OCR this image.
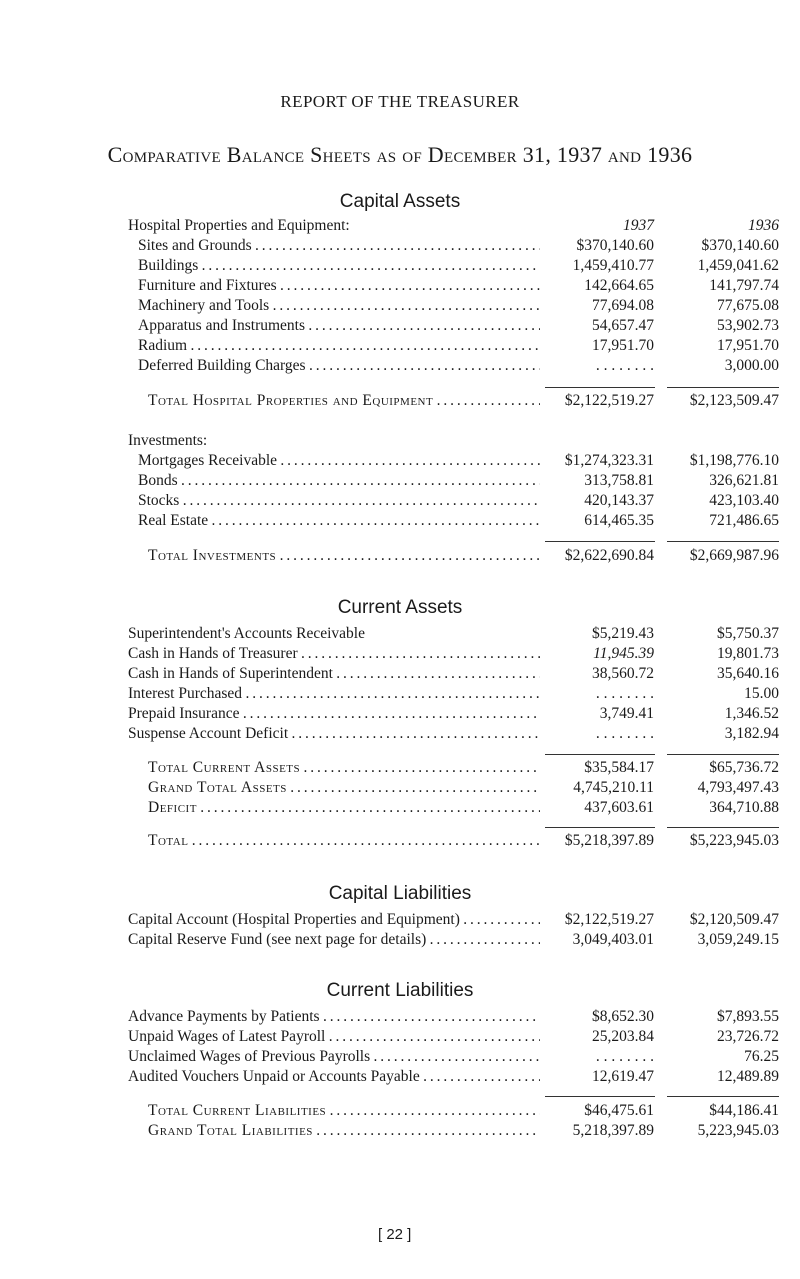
REPORT OF THE TREASURER
Comparative Balance Sheets as of December 31, 1937 and 1936
Capital Assets
Hospital Properties and Equipment:	1937	1936
Sites and Grounds . . .	$370,140.60	$370,140.60
Buildings . . .	1,459,410.77	1,459,041.62
Furniture and Fixtures . . .	142,664.65	141,797.74
Machinery and Tools . . .	77,694.08	77,675.08
Apparatus and Instruments . . .	54,657.47	53,902.73
Radium . . .	17,951.70	17,951.70
Deferred Building Charges . . .	. . . . . . . .	3,000.00
Total Hospital Properties and Equipment . . .	$2,122,519.27	$2,123,509.47
Investments:
Mortgages Receivable . . .	$1,274,323.31	$1,198,776.10
Bonds . . .	313,758.81	326,621.81
Stocks . . .	420,143.37	423,103.40
Real Estate . . .	614,465.35	721,486.65
Total Investments . . .	$2,622,690.84	$2,669,987.96
Current Assets
Superintendent's Accounts Receivable	$5,219.43	$5,750.37
Cash in Hands of Treasurer . . .	11,945.39	19,801.73
Cash in Hands of Superintendent . . .	38,560.72	35,640.16
Interest Purchased . . .	. . . . . . . .	15.00
Prepaid Insurance . . .	3,749.41	1,346.52
Suspense Account Deficit . . .	. . . . . . . .	3,182.94
Total Current Assets . . .	$35,584.17	$65,736.72
Grand Total Assets . . .	4,745,210.11	4,793,497.43
Deficit . . .	437,603.61	364,710.88
Total . . .	$5,218,397.89	$5,223,945.03
Capital Liabilities
Capital Account (Hospital Properties and Equipment) . . .	$2,122,519.27	$2,120,509.47
Capital Reserve Fund (see next page for details) . . .	3,049,403.01	3,059,249.15
Current Liabilities
Advance Payments by Patients . . .	$8,652.30	$7,893.55
Unpaid Wages of Latest Payroll . . .	25,203.84	23,726.72
Unclaimed Wages of Previous Payrolls . . .	. . . . . . . .	76.25
Audited Vouchers Unpaid or Accounts Payable . . .	12,619.47	12,489.89
Total Current Liabilities . . .	$46,475.61	$44,186.41
Grand Total Liabilities . . .	5,218,397.89	5,223,945.03
[ 22 ]
